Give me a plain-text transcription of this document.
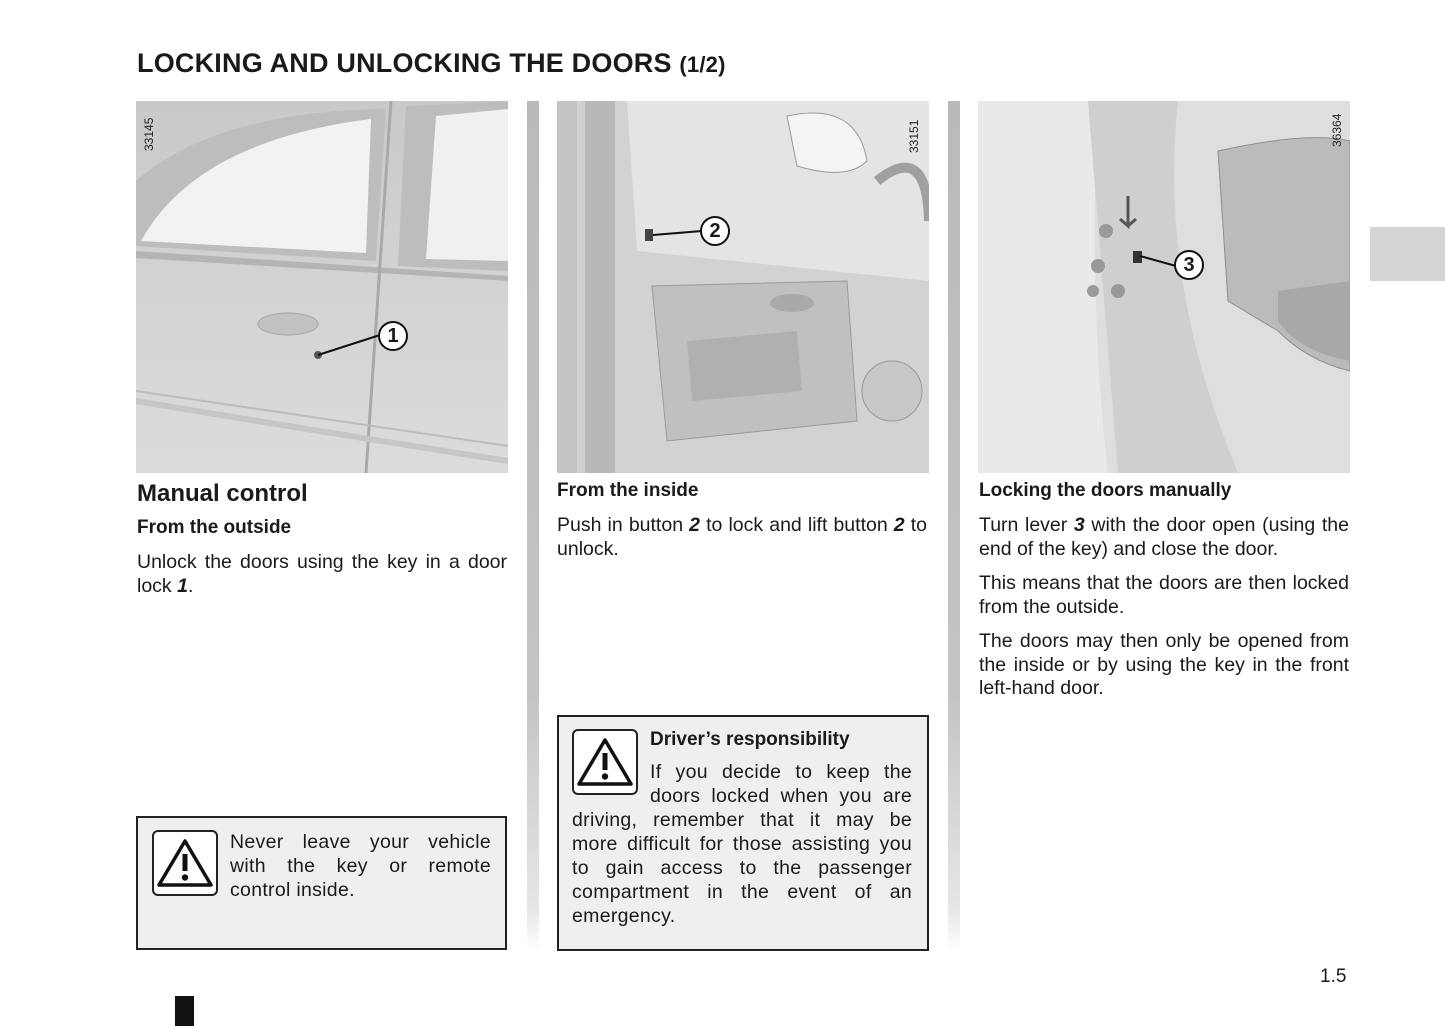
LOCKING AND UNLOCKING THE DOORS (1/2)
33145
1
33151
2
36364
3
Manual control
From the outside
Unlock the doors using the key in a door lock 1.
Never leave your vehicle with the key or remote control inside.
From the inside
Push in button 2 to lock and lift button 2 to unlock.
Driver’s responsibility
If you decide to keep the doors locked when you are driving, remember that it may be more difficult for those assisting you to gain access to the passenger compartment in the event of an emergency.
Locking the doors manually
Turn lever 3 with the door open (using the end of the key) and close the door.
This means that the doors are then locked from the outside.
The doors may then only be opened from the inside or by using the key in the front left-hand door.
1.5
